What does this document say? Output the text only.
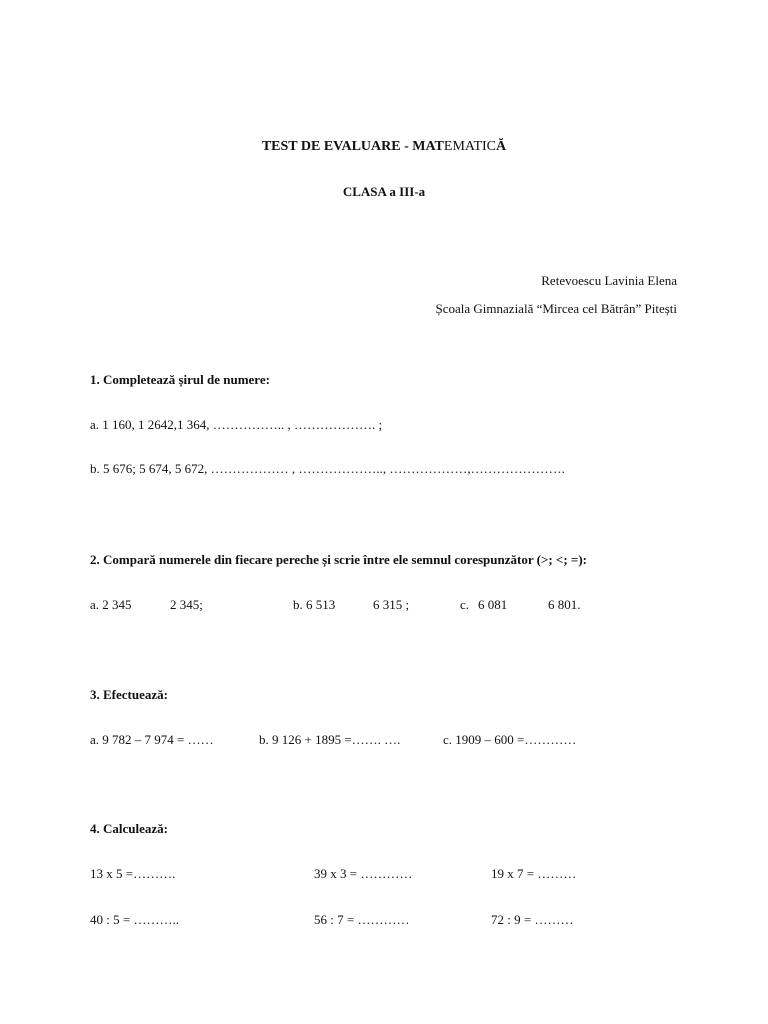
TEST DE EVALUARE - MATEMATICĂ
CLASA a III-a
Retevoescu Lavinia Elena
Școala Gimnazială “Mircea cel Bătrân” Pitești
1. Completează șirul de numere:
a. 1 160, 1 2642,1 364, …………….. , ………………. ;
b. 5 676; 5 674, 5 672, ……………… , ……………….., ………………,………………….
2. Compară numerele din fiecare pereche și scrie între ele semnul corespunzător (>; <; =):
a. 2 345	2 345;	b. 6 513	6 315 ;	c. 6 081	6 801.
3. Efectuează:
a. 9 782 – 7 974 = ……	b. 9 126 + 1895 =……. ….	c. 1909 – 600 =…………
4. Calculează:
13 x 5 =……….	39 x 3 = …………	19 x 7 = ………
40 : 5 = ………..	56 : 7 = …………	72 : 9 = ………
